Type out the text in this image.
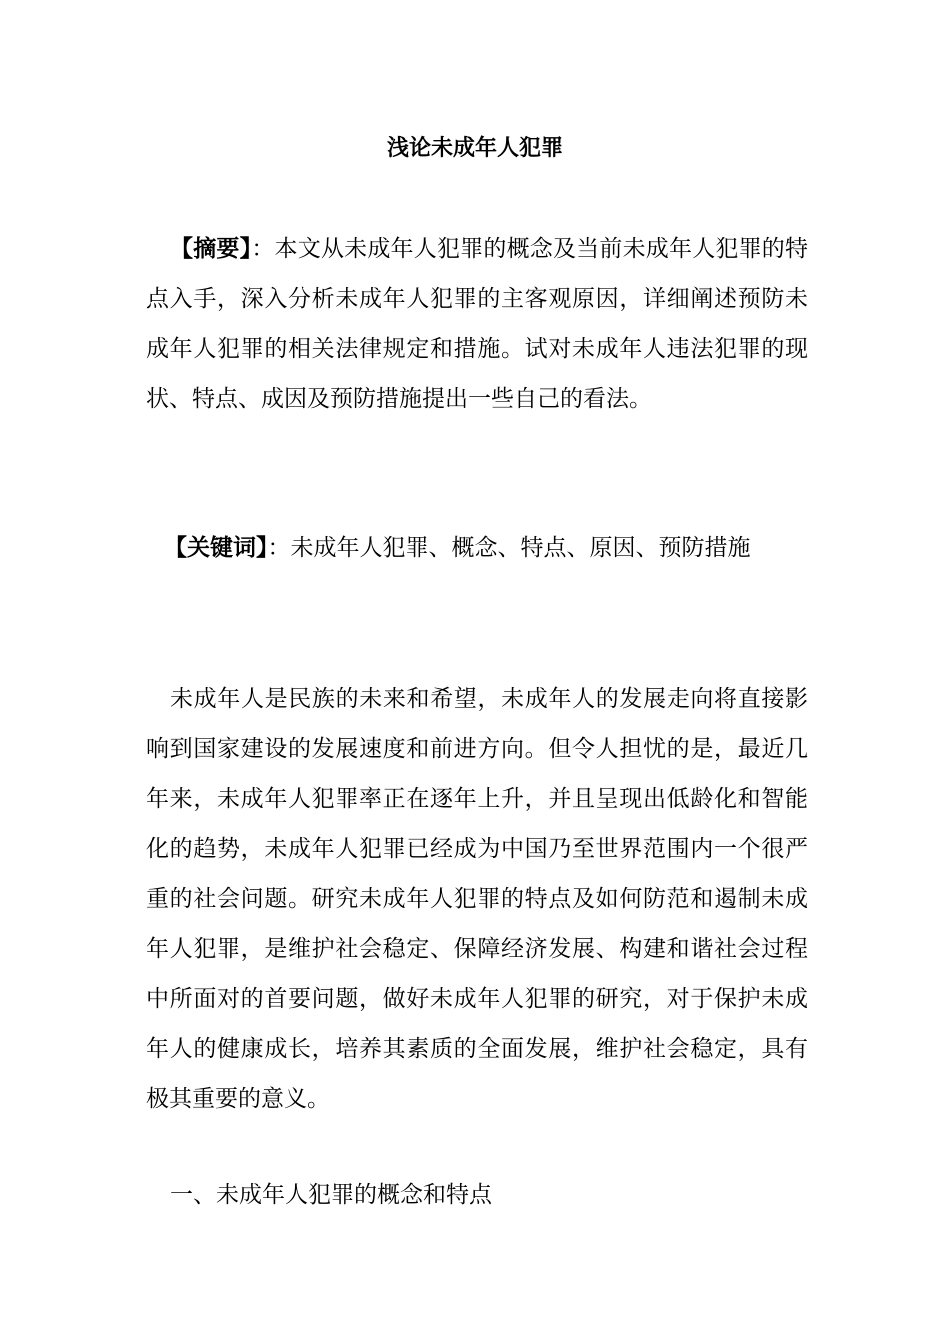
浅论未成年人犯罪

【摘要】：本文从未成年人犯罪的概念及当前未成年人犯罪的特点入手，深入分析未成年人犯罪的主客观原因，详细阐述预防未成年人犯罪的相关法律规定和措施。试对未成年人违法犯罪的现状、特点、成因及预防措施提出一些自己的看法。

【关键词】：未成年人犯罪、概念、特点、原因、预防措施

未成年人是民族的未来和希望，未成年人的发展走向将直接影响到国家建设的发展速度和前进方向。但令人担忧的是，最近几年来，未成年人犯罪率正在逐年上升，并且呈现出低龄化和智能化的趋势，未成年人犯罪已经成为中国乃至世界范围内一个很严重的社会问题。研究未成年人犯罪的特点及如何防范和遏制未成年人犯罪，是维护社会稳定、保障经济发展、构建和谐社会过程中所面对的首要问题，做好未成年人犯罪的研究，对于保护未成年人的健康成长，培养其素质的全面发展，维护社会稳定，具有极其重要的意义。

一、未成年人犯罪的概念和特点
